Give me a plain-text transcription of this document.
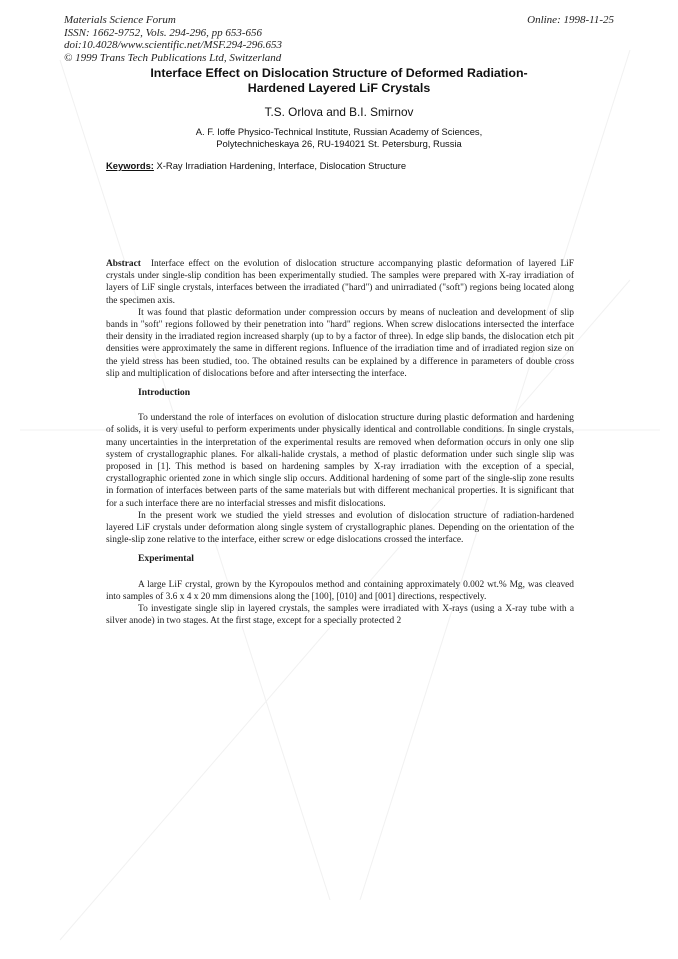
Materials Science Forum
ISSN: 1662-9752, Vols. 294-296, pp 653-656
doi:10.4028/www.scientific.net/MSF.294-296.653
© 1999 Trans Tech Publications Ltd, Switzerland
Online: 1998-11-25
Interface Effect on Dislocation Structure of Deformed Radiation-
Hardened Layered LiF Crystals
T.S. Orlova and B.I. Smirnov
A. F. Ioffe Physico-Technical Institute, Russian Academy of Sciences,
Polytechnicheskaya 26, RU-194021 St. Petersburg, Russia
Keywords: X-Ray Irradiation Hardening, Interface, Dislocation Structure

Abstract Interface effect on the evolution of dislocation structure accompanying plastic deformation of layered LiF crystals under single-slip condition has been experimentally studied. The samples were prepared with X-ray irradiation of layers of LiF single crystals, interfaces between the irradiated ("hard") and unirradiated ("soft") regions being located along the specimen axis.

It was found that plastic deformation under compression occurs by means of nucleation and development of slip bands in "soft" regions followed by their penetration into "hard" regions. When screw dislocations intersected the interface their density in the irradiated region increased sharply (up to by a factor of three). In edge slip bands, the dislocation etch pit densities were approximately the same in different regions. Influence of the irradiation time and of irradiated region size on the yield stress has been studied, too. The obtained results can be explained by a difference in parameters of double cross slip and multiplication of dislocations before and after intersecting the interface.

Introduction

To understand the role of interfaces on evolution of dislocation structure during plastic deformation and hardening of solids, it is very useful to perform experiments under physically identical and controllable conditions. In single crystals, many uncertainties in the interpretation of the experimental results are removed when deformation occurs in only one slip system of crystallographic planes. For alkali-halide crystals, a method of plastic deformation under such single slip was proposed in [1]. This method is based on hardening samples by X-ray irradiation with the exception of a special, crystallographic oriented zone in which single slip occurs. Additional hardening of some part of the single-slip zone results in formation of interfaces between parts of the same materials but with different mechanical properties. It is significant that for a such interface there are no interfacial stresses and misfit dislocations.

In the present work we studied the yield stresses and evolution of dislocation structure of radiation-hardened layered LiF crystals under deformation along single system of crystallographic planes. Depending on the orientation of the single-slip zone relative to the interface, either screw or edge dislocations crossed the interface.

Experimental

A large LiF crystal, grown by the Kyropoulos method and containing approximately 0.002 wt.% Mg, was cleaved into samples of 3.6 x 4 x 20 mm dimensions along the [100], [010] and [001] directions, respectively.

To investigate single slip in layered crystals, the samples were irradiated with X-rays (using a X-ray tube with a silver anode) in two stages. At the first stage, except for a specially protected 2
